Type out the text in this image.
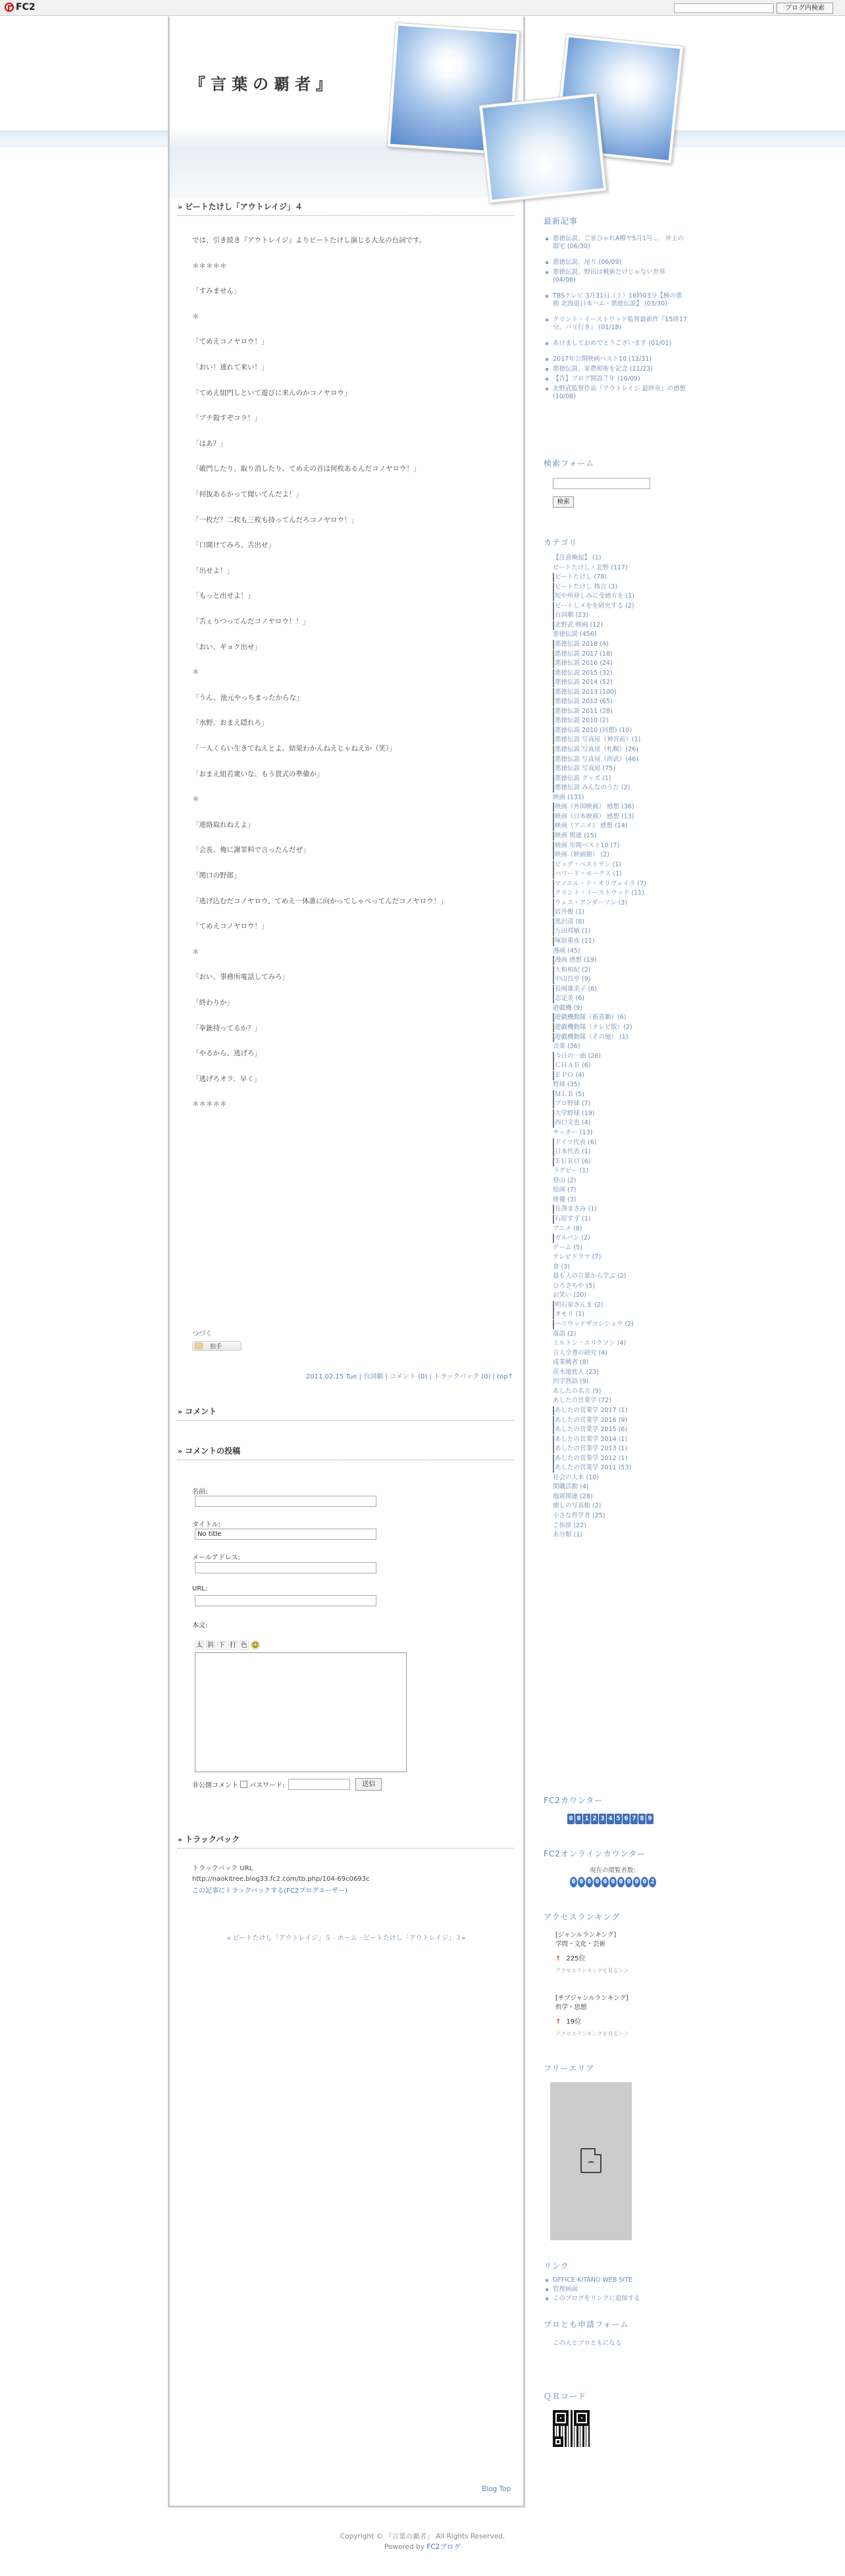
FC2	ブログ内検索
『言葉の覇者』
» ビートたけし「アウトレイジ」４

では、引き続き『アウトレイジ』よりビートたけし演じる大友の台詞です。

＊＊＊＊＊

「すみません」

＊

「てめえコノヤロウ！」

「おい！連れて来い！」

「てめえ組門しといて遊びに来んのかコノヤロウ」

「ブチ殺すぞコラ！」

「はあ？」

「破門したり、取り消したり、てめえの首は何枚あるんだコノヤロウ！」

「何抜あるかって聞いてんだよ！」

「一枚だ？二枚も三枚も持ってんだろコノヤロウ！」

「口開けてみろ、舌出せ」

「出せよ！」

「もっと出せよ！」

「舌ぇりつってんだコノヤロウ！！」

「おい、ギョク出せ」

＊

「うん、池元やっちまったからな」

「水野、おまえ隠れろ」

「一人くらい生きてねえとよ、結果わかんねえじゃねえか（笑）」

「おまえ組若衆いな、もう貫式の準備か」

＊

「連絡取れねえよ」

「会長、俺に謝罪料で言ったんだぜ」

「関口の野郎」

「逃げ込むだコノヤロウ、てめえ一体誰に向かってしゃべってんだコノヤロウ！」

「てめえコノヤロウ！」

＊

「おい、事務所電話してみろ」

「終わりか」

「拳銃持ってるか？」

「やるから、逃げろ」

「逃げろオラ、早く」

＊＊＊＊＊

つづく
拍手
2011.02.15 Tue | 台詞劇 | コメント (0) | トラックバック (0) | top↑
» コメント
» コメントの投稿
名前:
タイトル:
No title
メールアドレス:
URL:
本文:
太 斜 下 打 色 ☺
非公開コメント パスワード:	送信
» トラックバック
トラックバック URL
http://naokitree.blog33.fc2.com/tb.php/104-69c0693c
この記事にトラックバックする(FC2ブログユーザー)
« ビートたけし「アウトレイジ」５ · ホーム · ビートたけし「アウトレイジ」３»
最新記事
悪徳伝説、ご家ひゃれA柳ヤ5月1号…　井上の邸宅 (06/30)
悪徳伝説、尾り (06/09)
悪徳伝説、野田は戦術だけじゃない世界 (04/06)
TBSテレビ 3月31日（土）16時03分【極の悪徳 北海道日本ハム・悪徳伝説】 (03/30)
クリント・イーストウッド監督最新作『15時17分、パリ行き』 (01/18)
あけましておめでとうございます (01/01)
2017年公開映画ベスト10 (12/31)
悪徳伝説、家農相術を記念 (11/23)
【告】ブログ開設７年 (10/09)
北野武監督作品『アウトレイジ 最終章』の感想 (10/08)
検索フォーム
検索
カテゴリ
【注意喚起】 (1)
ビートたけし・北野 (117)
ビートたけし (78)
ビートたけし 格言 (3)
短や所登しみに受徳方を (1)
ビートしメをを研究する (2)
台詞劇 (23)
北野武 映画 (12)
悪徳伝説 (456)
悪徳伝説 2018 (4)
悪徳伝説 2017 (18)
悪徳伝説 2016 (24)
悪徳伝説 2015 (32)
悪徳伝説 2014 (52)
悪徳伝説 2013 (100)
悪徳伝説 2012 (65)
悪徳伝説 2011 (28)
悪徳伝説 2010 (2)
悪徳伝説 2010 (回想) (10)
悪徳伝説 写真屋（神宮前）(1)
悪徳伝説 写真屋（札幌）(26)
悪徳伝説 写真屋（西武）(46)
悪徳伝説 写真屋 (75)
悪徳伝説 グッズ (1)
悪徳伝説 みんなのうた (2)
映画 (131)
映画（外国映画） 感想 (36)
映画（日本映画） 感想 (13)
映画（アニメ） 感想 (14)
映画 関連 (15)
映画 年間ベスト10 (7)
映画（映画館） (2)
ビッグ・ベストテン (1)
ハワード・ホークス (1)
マノエル・ド・オリヴェイラ (7)
クリント・イーストウッド (11)
ウェス・アンダーソン (3)
岩井俊 (1)
黒沢清 (8)
万田邦敏 (1)
塚原重彦 (11)
漫画 (45)
漫画 感想 (19)
大和和紀 (2)
中山昌亨 (9)
長岡雄美子 (6)
志定美 (6)
遊戯機 (9)
遊戯機動隊（新喜劇）(6)
遊戯機動隊（テレビ版）(2)
遊戯機動隊（その他） (1)
音楽 (36)
今日の一曲 (26)
ＣＨＡＢ (6)
ＥＰＯ (4)
野球 (35)
ＭＬＢ (5)
プロ野球 (7)
大学野球 (19)
西口文也 (4)
サッカー (13)
ドイツ代表 (6)
日本代表 (1)
ＥＵＲＯ (6)
ラグビー (1)
登山 (2)
絵画 (7)
俳優 (3)
長澤まさみ (1)
石原すず (1)
アニメ (8)
ガルパン (2)
ゲーム (5)
テレビドラマ (7)
食 (3)
最も人の言葉から学ぶ (2)
ひろさちや (5)
お笑い (20)
明石家さんま (2)
タモリ (1)
ハリウッドザコシショウ (2)
落語 (2)
ミルトン・エリクソン (4)
言人全書の研究 (4)
成業戦者 (8)
茨木地底人 (23)
四字熟語 (9)
あしたの名言 (9)
あしたの営業学 (72)
あしたの営業学 2017 (1)
あしたの営業学 2016 (9)
あしたの営業学 2015 (6)
あしたの営業学 2014 (1)
あしたの営業学 2013 (1)
あしたの営業学 2012 (1)
あしたの営業学 2011 (53)
社会の大本 (10)
閑職活動 (4)
地震関連 (28)
癒しの写真館 (2)
小さな哲学者 (25)
ご挨拶 (22)
未分類 (1)
FC2カウンター
0 0 1 2 3 4 5 6 7 8 9
FC2オンラインカウンター
現在の閲覧者数:
0 0 0 0 0 0 0 0 0 0 2
アクセスランキング
[ジャンルランキング]
学問・文化・芸術
↑ 225位
アクセスランキングを見る＞＞
[サブジャンルランキング]
哲学・思想
↑ 19位
アクセスランキングを見る＞＞
フリーエリア
リンク
OFFICE-KITANO WEB SITE
管理画面
このブログをリンクに追加する
プロとも申請フォーム
この人とブロともになる
ＱＲコード
Blog Top
Copyright © 『言葉の覇者』 All Rights Reserved.
Powered by FC2ブログ
